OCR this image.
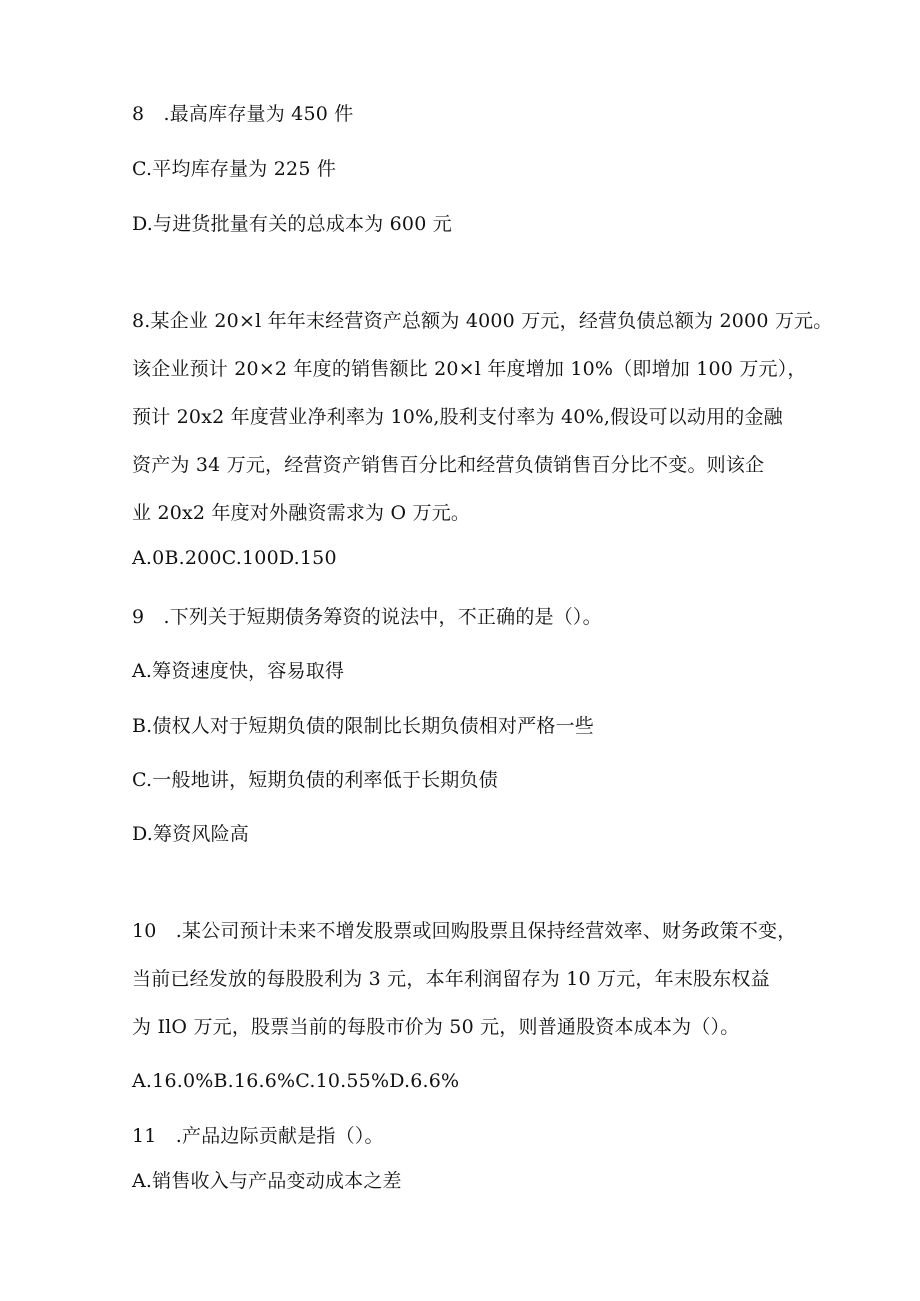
8　.最高库存量为 450 件
C.平均库存量为 225 件
D.与进货批量有关的总成本为 600 元
8.某企业 20×l 年年末经营资产总额为 4000 万元，经营负债总额为 2000 万元。
该企业预计 20×2 年度的销售额比 20×l 年度增加 10%（即增加 100 万元），
预计 20x2 年度营业净利率为 10%,股利支付率为 40%,假设可以动用的金融
资产为 34 万元，经营资产销售百分比和经营负债销售百分比不变。则该企
业 20x2 年度对外融资需求为 O 万元。
A.0B.200C.100D.150
9　.下列关于短期债务筹资的说法中，不正确的是（）。
A.筹资速度快，容易取得
B.债权人对于短期负债的限制比长期负债相对严格一些
C.一般地讲，短期负债的利率低于长期负债
D.筹资风险高
10　.某公司预计未来不增发股票或回购股票且保持经营效率、财务政策不变，
当前已经发放的每股股利为 3 元，本年利润留存为 10 万元，年末股东权益
为 IlO 万元，股票当前的每股市价为 50 元，则普通股资本成本为（）。
A.16.0%B.16.6%C.10.55%D.6.6%
11　.产品边际贡献是指（）。
A.销售收入与产品变动成本之差
